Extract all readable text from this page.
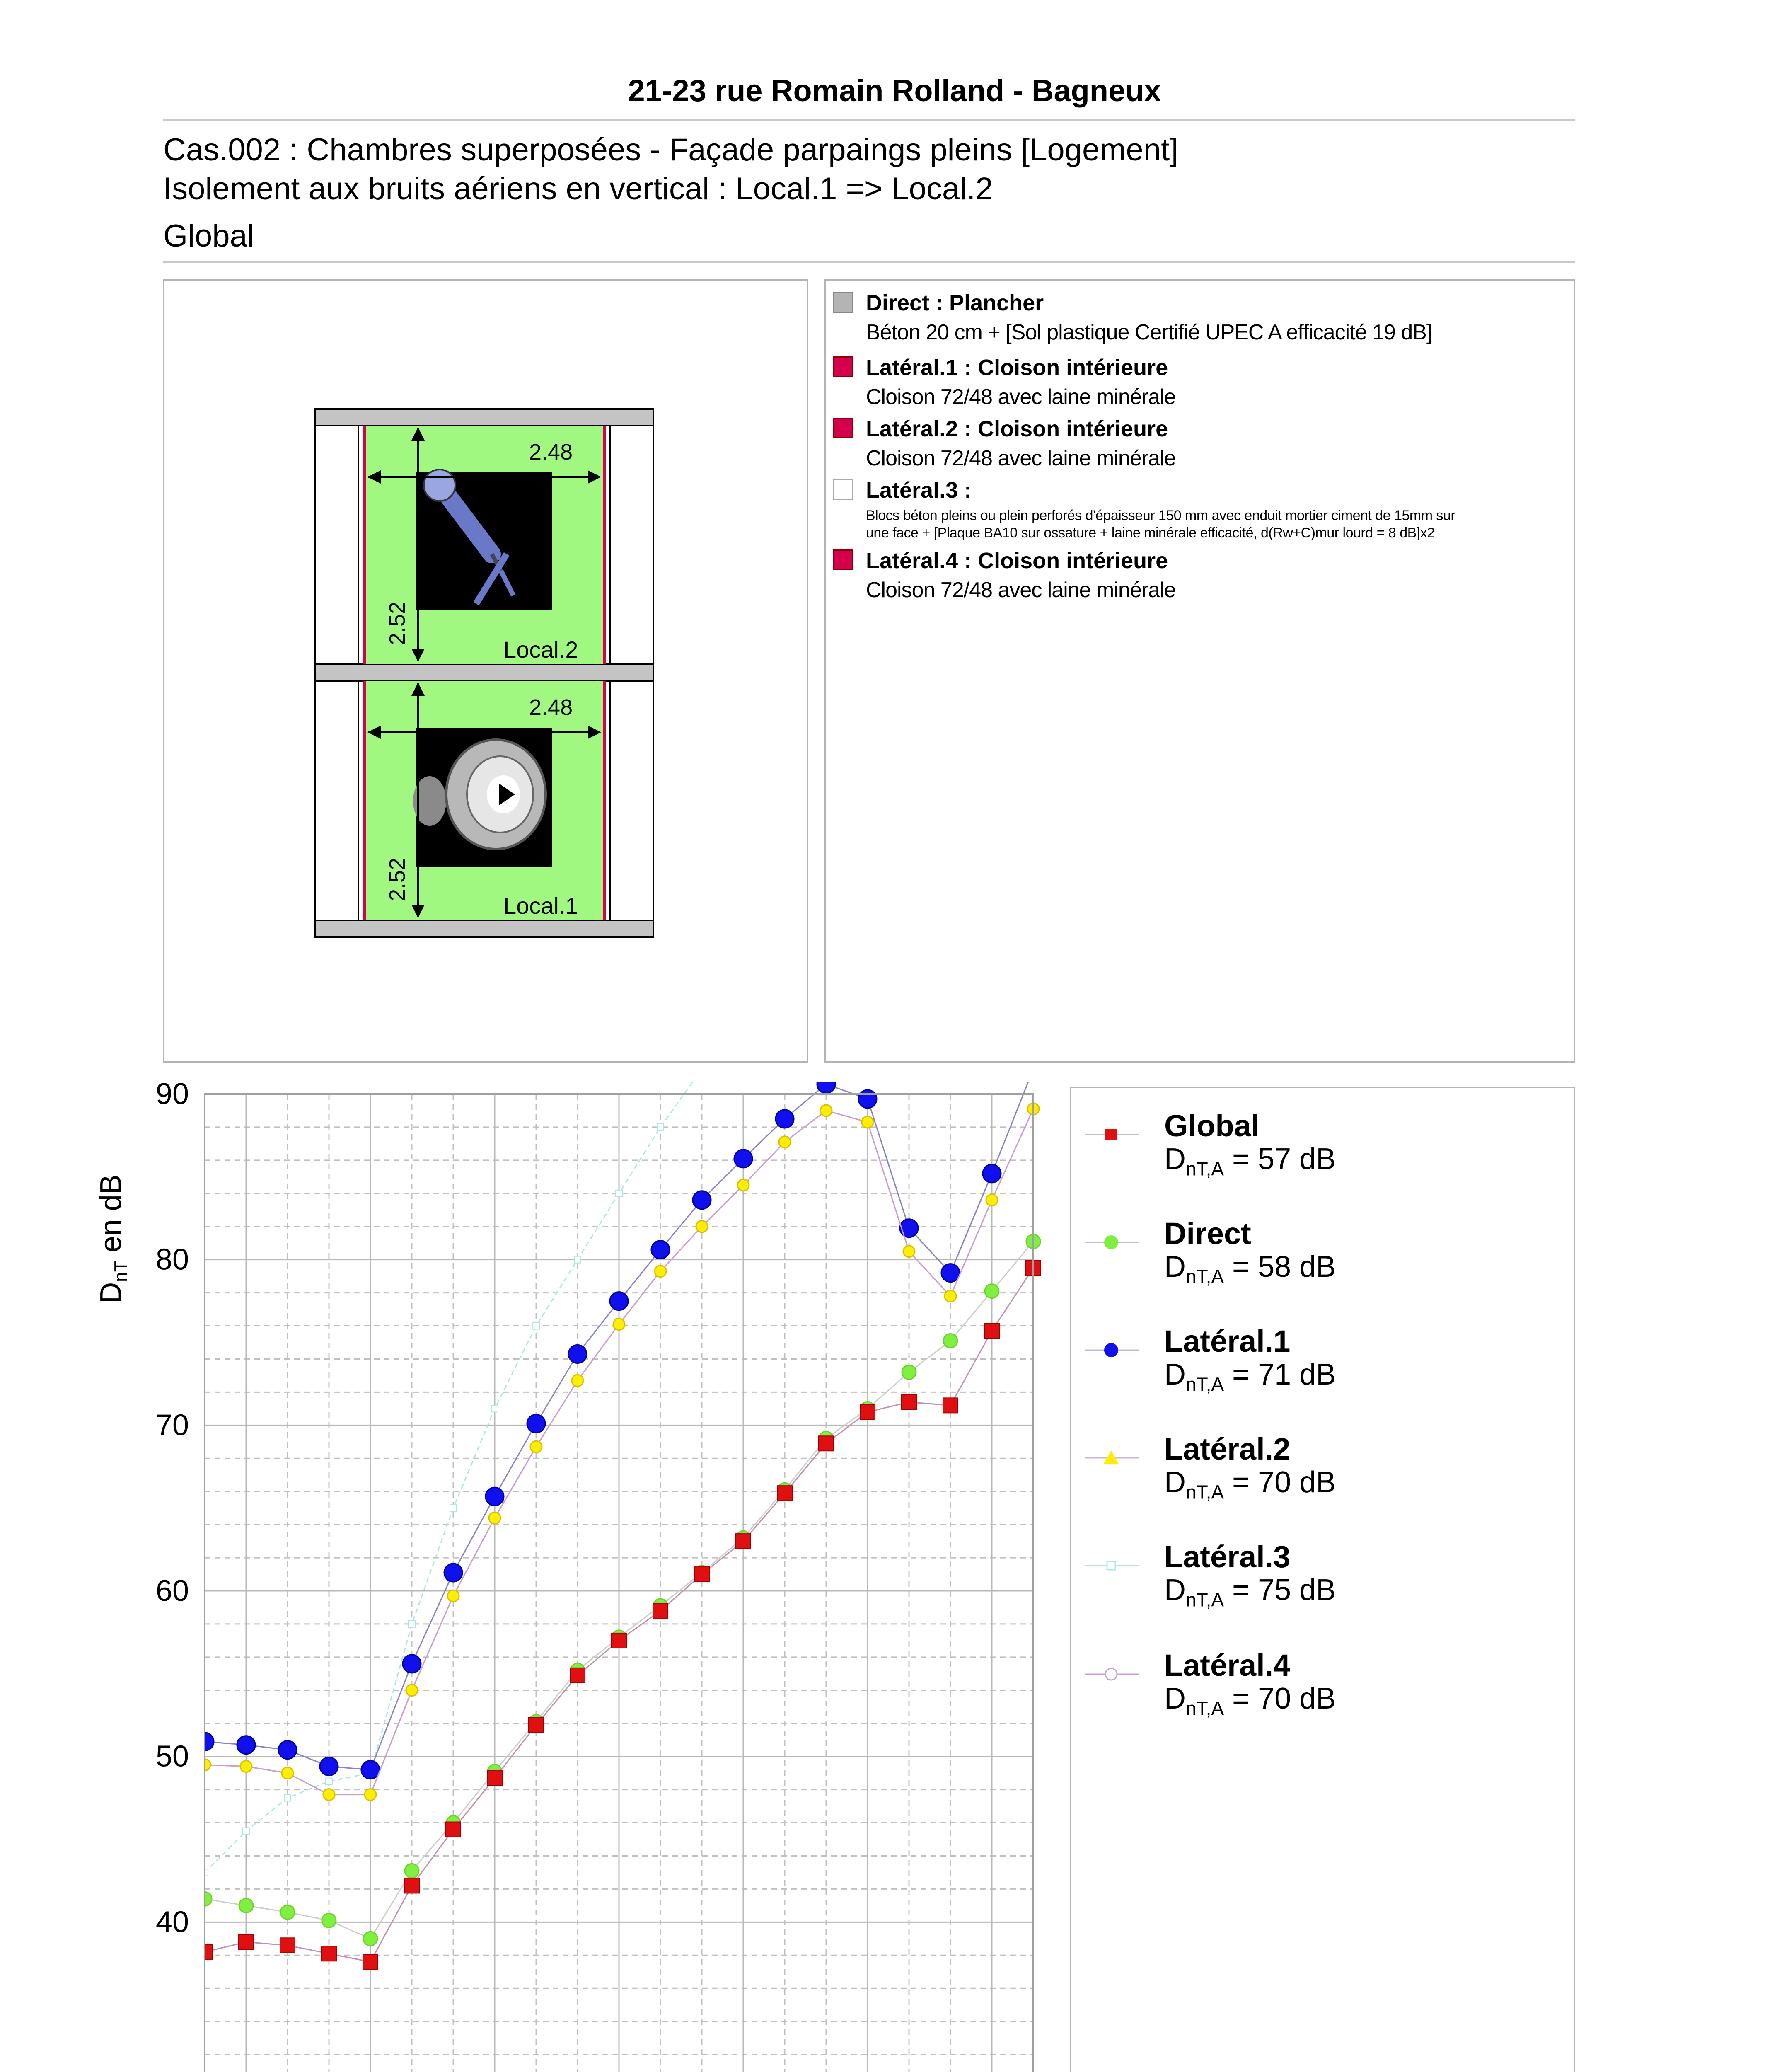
21-23 rue Romain Rolland - Bagneux
Cas.002 : Chambres superposées - Façade parpaings pleins [Logement]
Isolement aux bruits aériens en vertical : Local.1 => Local.2
Global
2.48
2.52
Local.2
2.48
2.52
Local.1
Direct : Plancher
Béton 20 cm + [Sol plastique Certifié UPEC A efficacité 19 dB]
Latéral.1 : Cloison intérieure
Cloison 72/48 avec laine minérale
Latéral.2 : Cloison intérieure
Cloison 72/48 avec laine minérale
Latéral.3 :
Blocs béton pleins ou plein perforés d'épaisseur 150 mm avec enduit mortier ciment de 15mm sur
une face + [Plaque BA10 sur ossature + laine minérale efficacité, d(Rw+C)mur lourd = 8 dB]x2
Latéral.4 : Cloison intérieure
Cloison 72/48 avec laine minérale
40
50
60
70
80
90
DnT en dB
Global
$D_{nT,A} = 57$ dB
Direct
$D_{nT,A} = 58$ dB
Latéral.1
$D_{nT,A} = 71$ dB
Latéral.2
$D_{nT,A} = 70$ dB
Latéral.3
$D_{nT,A} = 75$ dB
Latéral.4
$D_{nT,A} = 70$ dB
